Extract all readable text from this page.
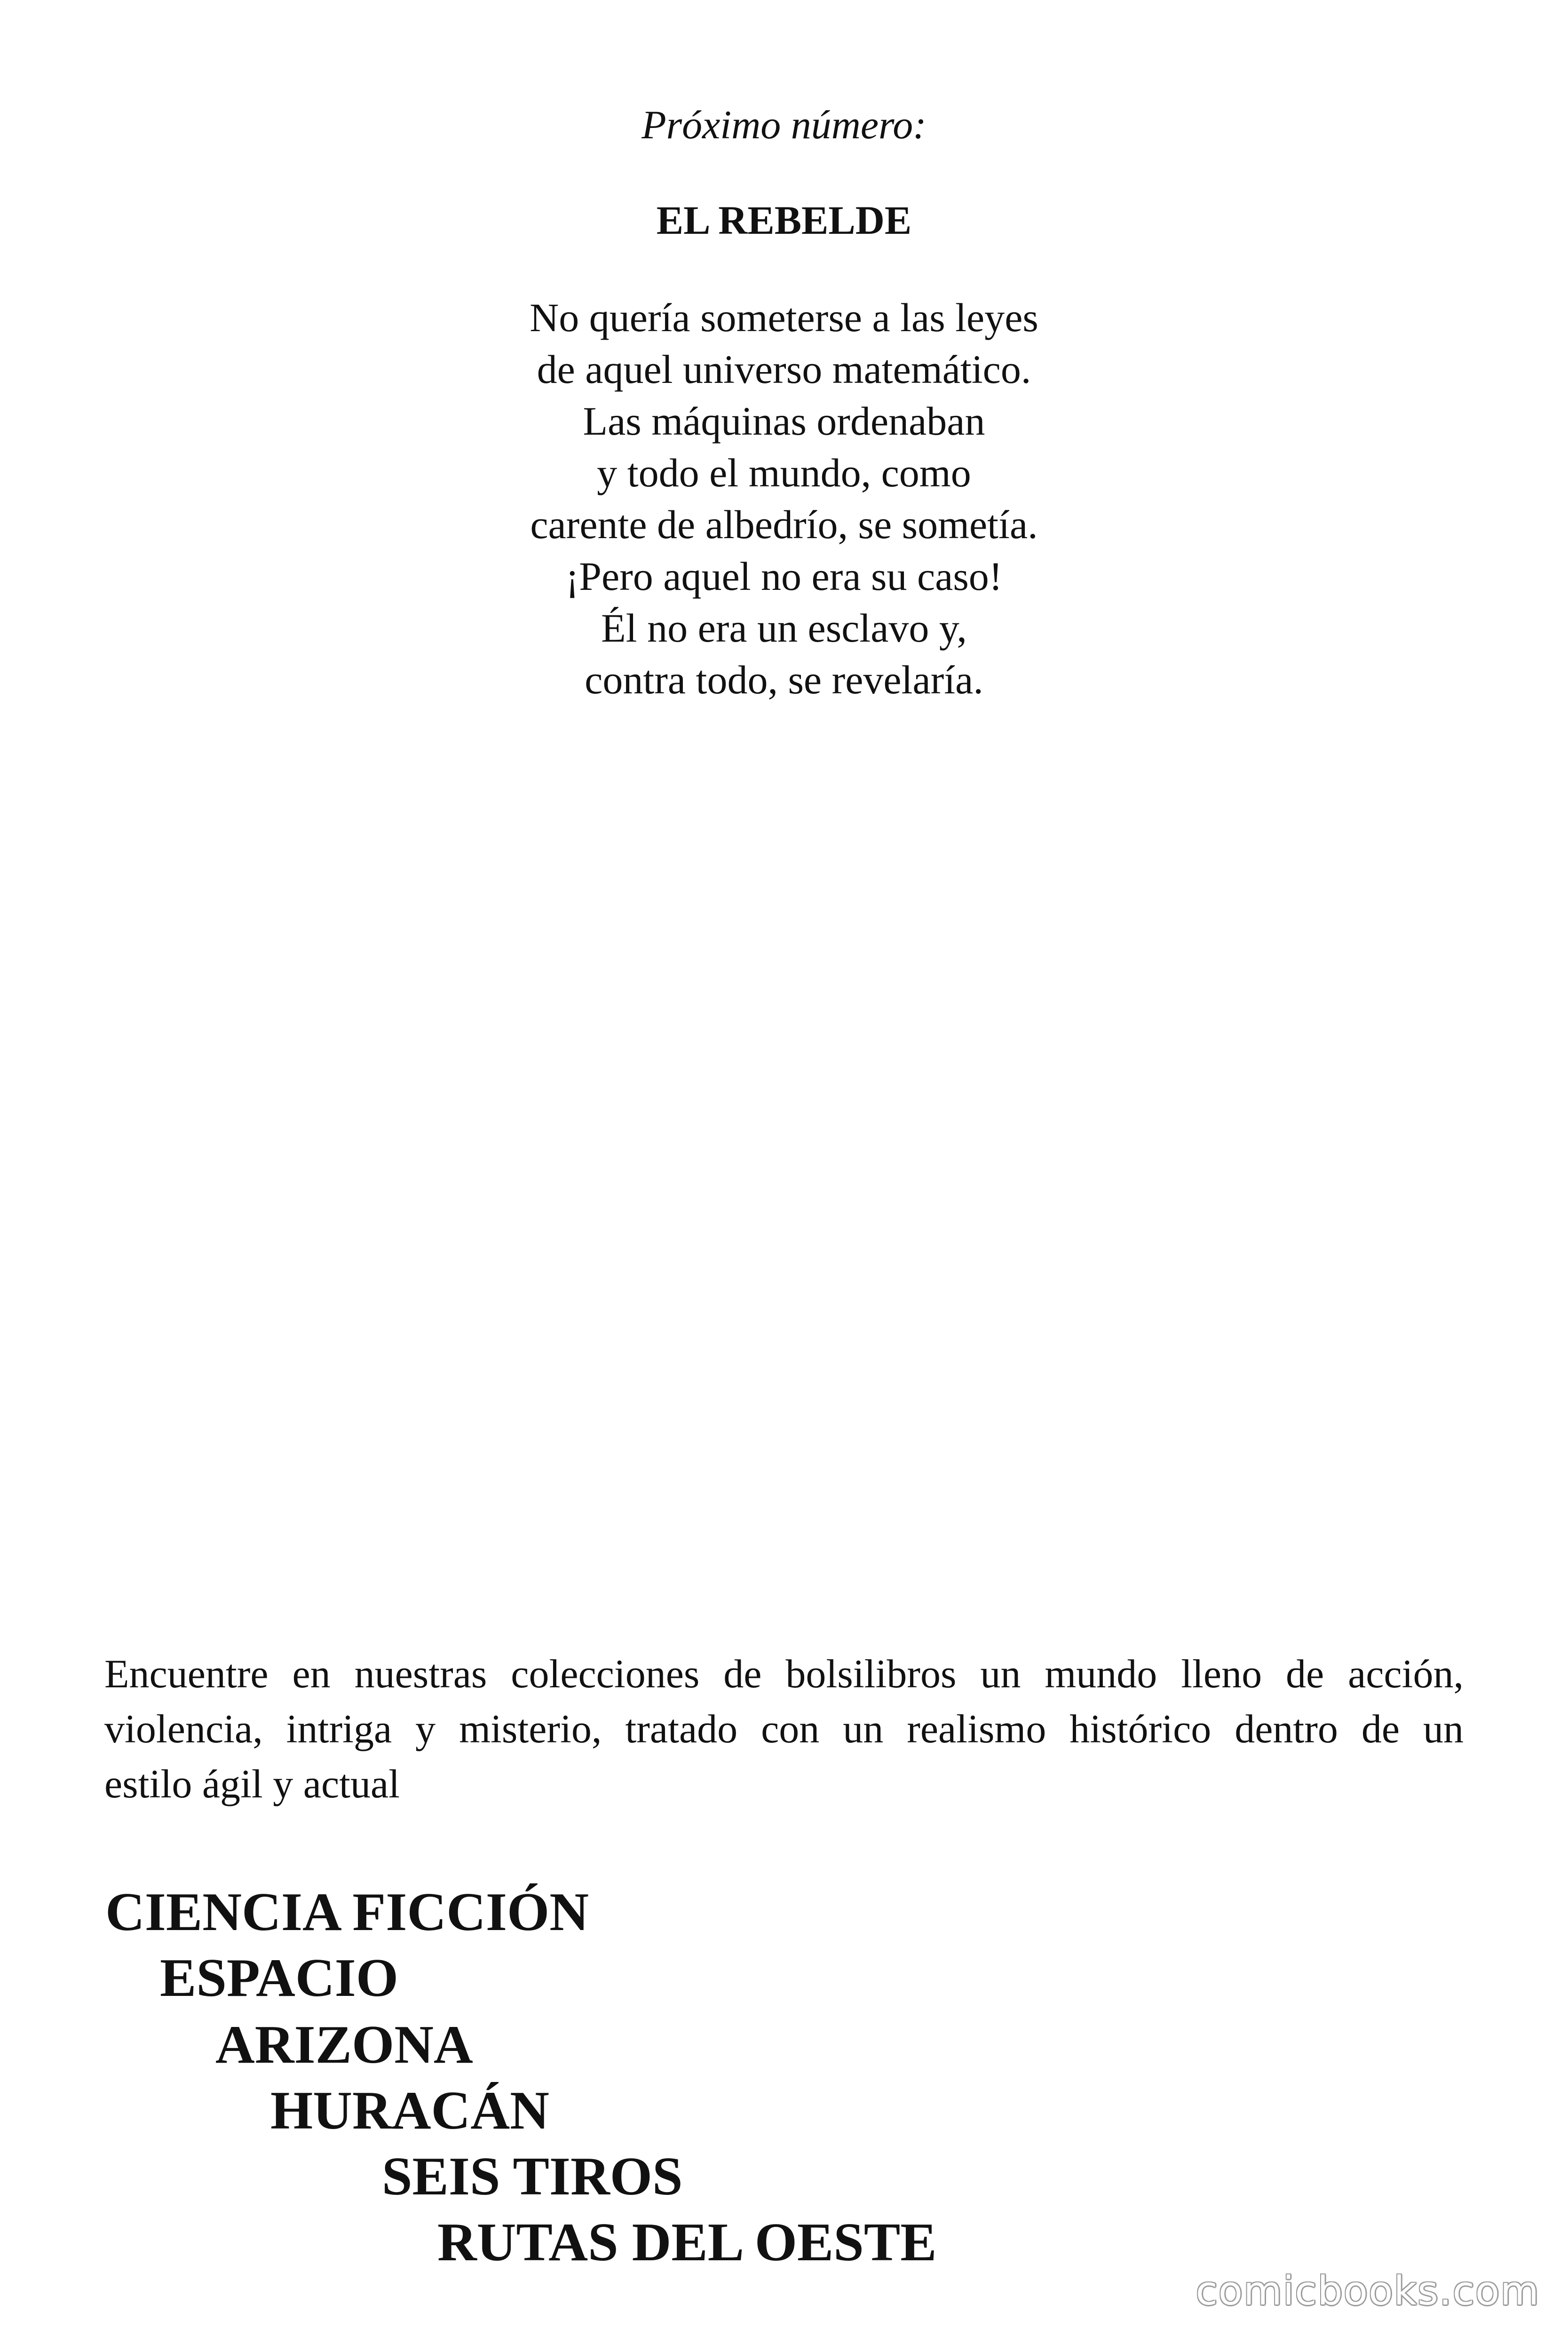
Próximo número:
EL REBELDE
No quería someterse a las leyes
de aquel universo matemático.
Las máquinas ordenaban
y todo el mundo, como
carente de albedrío, se sometía.
¡Pero aquel no era su caso!
Él no era un esclavo y,
contra todo, se revelaría.
Encuentre en nuestras colecciones de bolsilibros un mundo lleno de acción,
violencia, intriga y misterio, tratado con un realismo histórico dentro de un
estilo ágil y actual
CIENCIA FICCIÓN
ESPACIO
ARIZONA
HURACÁN
SEIS TIROS
RUTAS DEL OESTE
comicbooks.com
